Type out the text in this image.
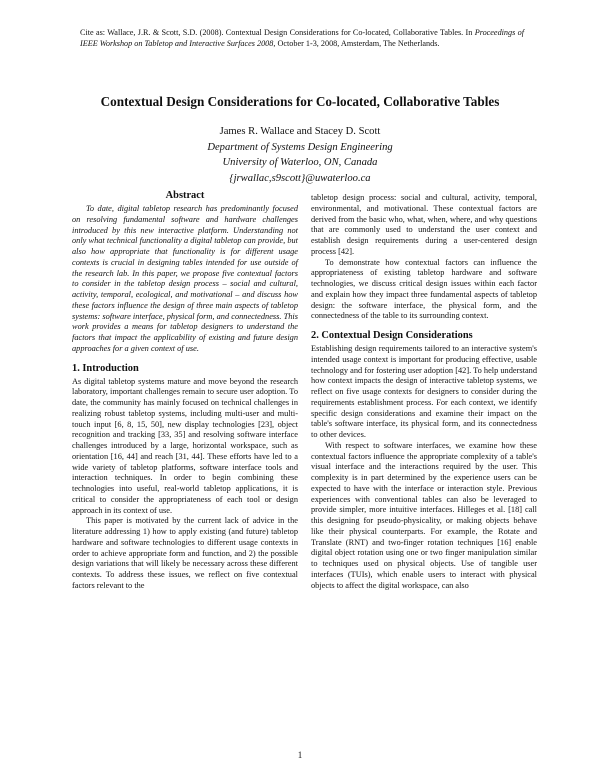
Cite as: Wallace, J.R. & Scott, S.D. (2008). Contextual Design Considerations for Co-located, Collaborative Tables. In Proceedings of IEEE Workshop on Tabletop and Interactive Surfaces 2008, October 1-3, 2008, Amsterdam, The Netherlands.
Contextual Design Considerations for Co-located, Collaborative Tables
James R. Wallace and Stacey D. Scott
Department of Systems Design Engineering
University of Waterloo, ON, Canada
{jrwallac,s9scott}@uwaterloo.ca
Abstract

To date, digital tabletop research has predominantly focused on resolving fundamental software and hardware challenges introduced by this new interactive platform. Understanding not only what technical functionality a digital tabletop can provide, but also how appropriate that functionality is for different usage contexts is crucial in designing tables intended for use outside of the research lab. In this paper, we propose five contextual factors to consider in the tabletop design process – social and cultural, activity, temporal, ecological, and motivational – and discuss how these factors influence the design of three main aspects of tabletop systems: software interface, physical form, and connectedness. This work provides a means for tabletop designers to understand the factors that impact the applicability of existing and future design approaches for a given context of use.

1. Introduction

As digital tabletop systems mature and move beyond the research laboratory, important challenges remain to secure user adoption. To date, the community has mainly focused on technical challenges in realizing robust tabletop systems, including multi-user and multi-touch input [6, 8, 15, 50], new display technologies [23], object recognition and tracking [33, 35] and resolving software interface challenges introduced by a large, horizontal workspace, such as orientation [16, 44] and reach [31, 44]. These efforts have led to a wide variety of tabletop platforms, software interface tools and interaction techniques. In order to begin combining these technologies into useful, real-world tabletop applications, it is critical to consider the appropriateness of each tool or design approach in its context of use.

This paper is motivated by the current lack of advice in the literature addressing 1) how to apply existing (and future) tabletop hardware and software technologies to different usage contexts in order to achieve appropriate form and function, and 2) the possible design variations that will likely be necessary across these different contexts. To address these issues, we reflect on five contextual factors relevant to the

tabletop design process: social and cultural, activity, temporal, environmental, and motivational. These contextual factors are derived from the basic who, what, when, where, and why questions that are commonly used to understand the user context and establish design requirements during a user-centered design process [42].

To demonstrate how contextual factors can influence the appropriateness of existing tabletop hardware and software technologies, we discuss critical design issues within each factor and explain how they impact three fundamental aspects of tabletop design: the software interface, the physical form, and the connectedness of the table to its surrounding context.

2. Contextual Design Considerations

Establishing design requirements tailored to an interactive system's intended usage context is important for producing effective, usable technology and for fostering user adoption [42]. To help understand how context impacts the design of interactive tabletop systems, we reflect on five usage contexts for designers to consider during the requirements establishment process. For each context, we identify specific design considerations and examine their impact on the table's software interface, its physical form, and its connectedness to other devices.

With respect to software interfaces, we examine how these contextual factors influence the appropriate complexity of a table's visual interface and the interactions required by the user. This complexity is in part determined by the experience users can be expected to have with the interface or interaction style. Previous experiences with conventional tables can also be leveraged to provide simpler, more intuitive interfaces. Hilleges et al. [18] call this designing for pseudo-physicality, or making objects behave like their physical counterparts. For example, the Rotate and Translate (RNT) and two-finger rotation techniques [16] enable digital object rotation using one or two finger manipulation similar to techniques used on physical objects. Use of tangible user interfaces (TUIs), which enable users to interact with physical objects to affect the digital workspace, can also

1
